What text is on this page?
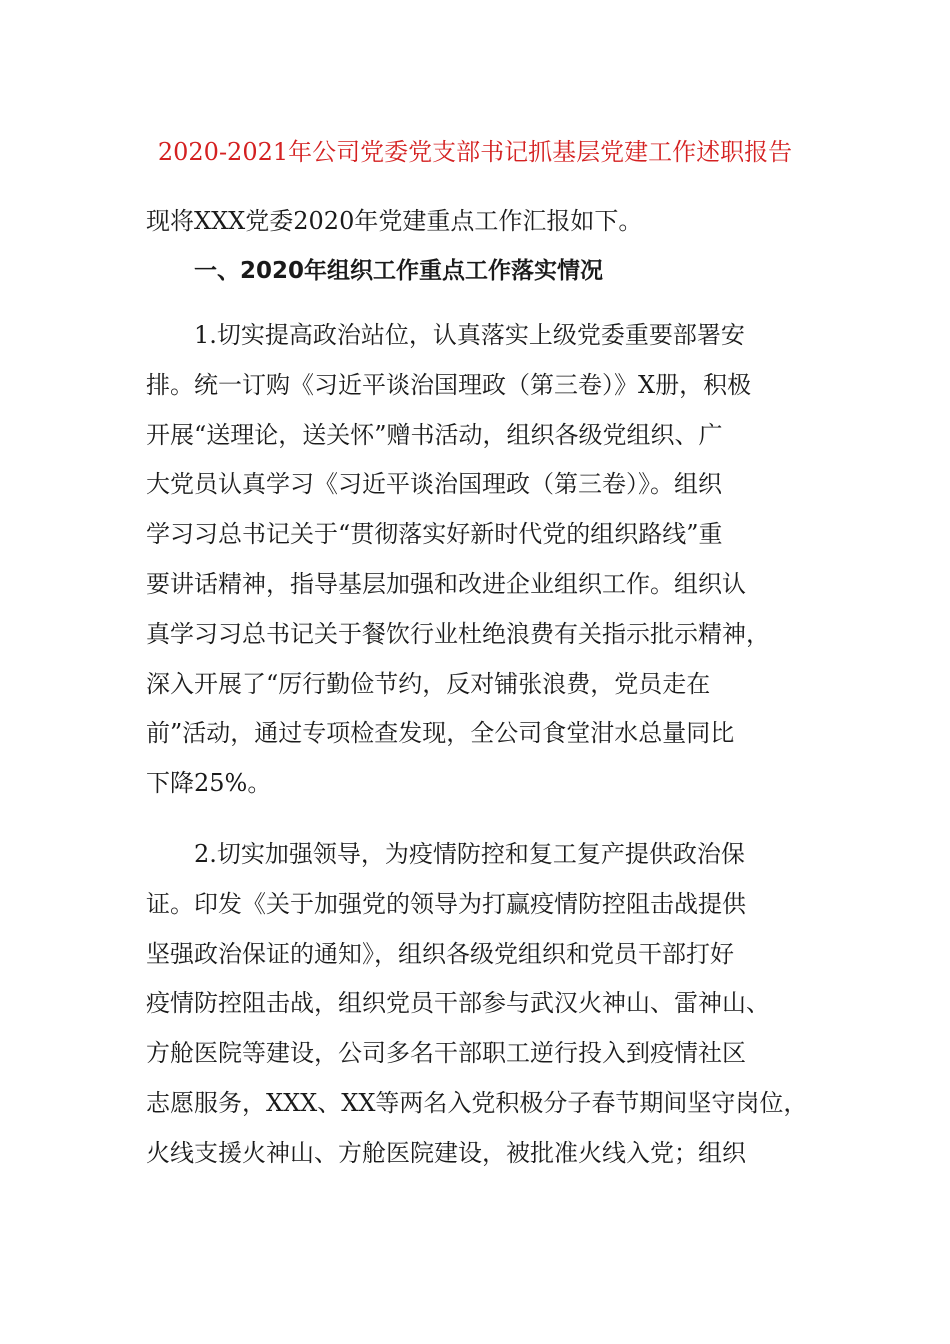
2020-2021年公司党委党支部书记抓基层党建工作述职报告
现将XXX党委2020年党建重点工作汇报如下。
一、2020年组织工作重点工作落实情况
1.切实提高政治站位，认真落实上级党委重要部署安
排。统一订购《习近平谈治国理政（第三卷）》X册，积极
开展“送理论，送关怀”赠书活动，组织各级党组织、广
大党员认真学习《习近平谈治国理政（第三卷）》。组织
学习习总书记关于“贯彻落实好新时代党的组织路线”重
要讲话精神，指导基层加强和改进企业组织工作。组织认
真学习习总书记关于餐饮行业杜绝浪费有关指示批示精神，
深入开展了“厉行勤俭节约，反对铺张浪费，党员走在
前”活动，通过专项检查发现，全公司食堂泔水总量同比
下降25%。
2.切实加强领导，为疫情防控和复工复产提供政治保
证。印发《关于加强党的领导为打赢疫情防控阻击战提供
坚强政治保证的通知》，组织各级党组织和党员干部打好
疫情防控阻击战，组织党员干部参与武汉火神山、雷神山、
方舱医院等建设，公司多名干部职工逆行投入到疫情社区
志愿服务，XXX、XX等两名入党积极分子春节期间坚守岗位，
火线支援火神山、方舱医院建设，被批准火线入党；组织
